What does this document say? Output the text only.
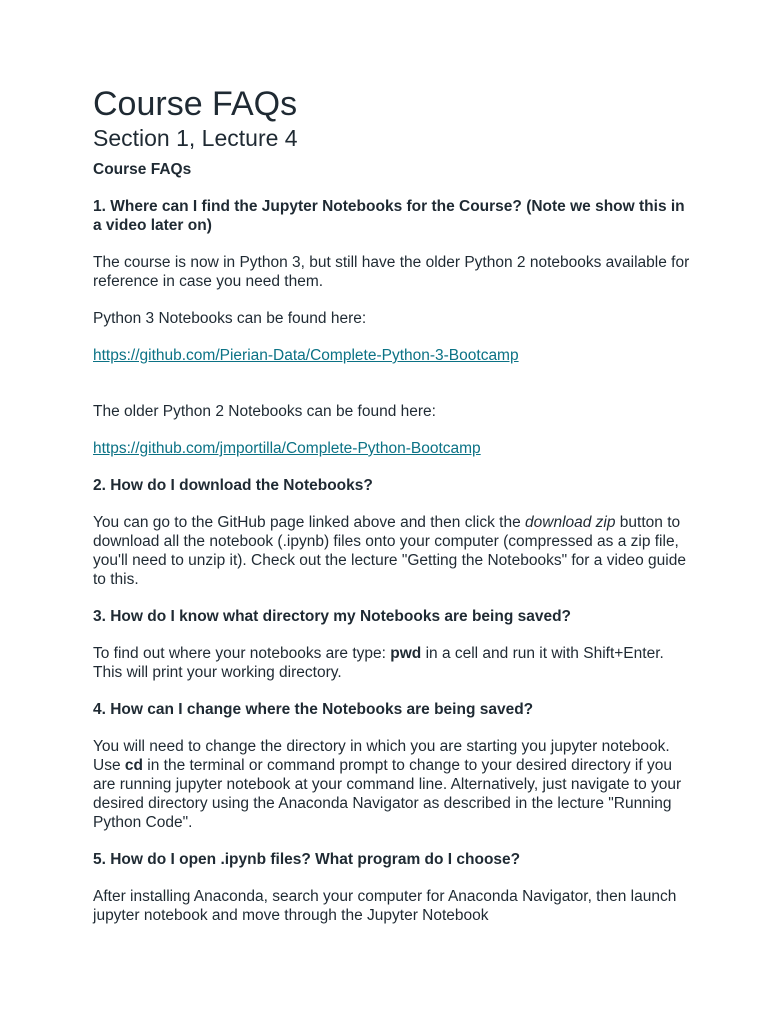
Course FAQs
Section 1, Lecture 4

Course FAQs

1. Where can I find the Jupyter Notebooks for the Course? (Note we show this in a video later on)

The course is now in Python 3, but still have the older Python 2 notebooks available for reference in case you need them.

Python 3 Notebooks can be found here:

https://github.com/Pierian-Data/Complete-Python-3-Bootcamp

The older Python 2 Notebooks can be found here:

https://github.com/jmportilla/Complete-Python-Bootcamp

2. How do I download the Notebooks?

You can go to the GitHub page linked above and then click the download zip button to download all the notebook (.ipynb) files onto your computer (compressed as a zip file, you'll need to unzip it). Check out the lecture "Getting the Notebooks" for a video guide to this.

3. How do I know what directory my Notebooks are being saved?

To find out where your notebooks are type: pwd in a cell and run it with Shift+Enter. This will print your working directory.

4. How can I change where the Notebooks are being saved?

You will need to change the directory in which you are starting you jupyter notebook. Use cd in the terminal or command prompt to change to your desired directory if you are running jupyter notebook at your command line. Alternatively, just navigate to your desired directory using the Anaconda Navigator as described in the lecture "Running Python Code".

5. How do I open .ipynb files? What program do I choose?

After installing Anaconda, search your computer for Anaconda Navigator, then launch jupyter notebook and move through the Jupyter Notebook
